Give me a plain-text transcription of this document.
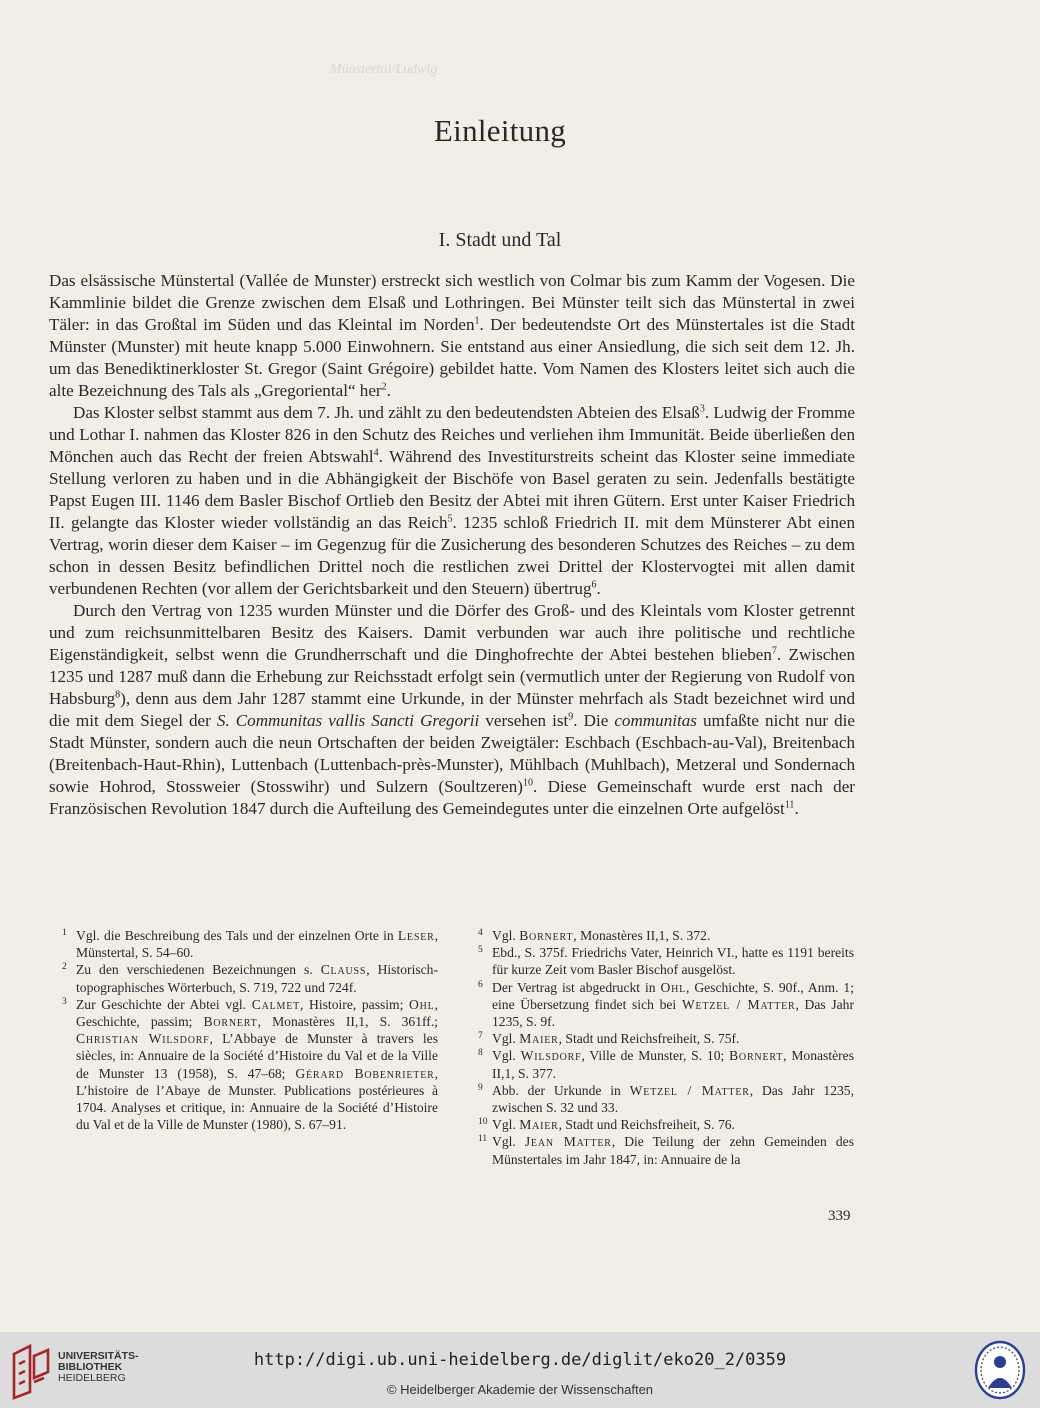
Münstertal/Ludwig
Einleitung
I. Stadt und Tal

Das elsässische Münstertal (Vallée de Munster) erstreckt sich westlich von Colmar bis zum Kamm der Vogesen. Die Kammlinie bildet die Grenze zwischen dem Elsaß und Lothringen. Bei Münster teilt sich das Münstertal in zwei Täler: in das Großtal im Süden und das Kleintal im Norden$^1$. Der bedeutendste Ort des Münstertales ist die Stadt Münster (Munster) mit heute knapp 5.000 Einwohnern. Sie entstand aus einer Ansiedlung, die sich seit dem 12. Jh. um das Benediktinerkloster St. Gregor (Saint Grégoire) gebildet hatte. Vom Namen des Klosters leitet sich auch die alte Bezeichnung des Tals als „Gregoriental“ her$^2$.

Das Kloster selbst stammt aus dem 7. Jh. und zählt zu den bedeutendsten Abteien des Elsaß$^3$. Ludwig der Fromme und Lothar I. nahmen das Kloster 826 in den Schutz des Reiches und verliehen ihm Immunität. Beide überließen den Mönchen auch das Recht der freien Abtswahl$^4$. Während des Investiturstreits scheint das Kloster seine immediate Stellung verloren zu haben und in die Abhängigkeit der Bischöfe von Basel geraten zu sein. Jedenfalls bestätigte Papst Eugen III. 1146 dem Basler Bischof Ortlieb den Besitz der Abtei mit ihren Gütern. Erst unter Kaiser Friedrich II. gelangte das Kloster wieder vollständig an das Reich$^5$. 1235 schloß Friedrich II. mit dem Münsterer Abt einen Vertrag, worin dieser dem Kaiser – im Gegenzug für die Zusicherung des besonderen Schutzes des Reiches – zu dem schon in dessen Besitz befindlichen Drittel noch die restlichen zwei Drittel der Klostervogtei mit allen damit verbundenen Rechten (vor allem der Gerichtsbarkeit und den Steuern) übertrug$^6$.

Durch den Vertrag von 1235 wurden Münster und die Dörfer des Groß- und des Kleintals vom Kloster getrennt und zum reichsunmittelbaren Besitz des Kaisers. Damit verbunden war auch ihre politische und rechtliche Eigenständigkeit, selbst wenn die Grundherrschaft und die Dinghofrechte der Abtei bestehen blieben$^7$. Zwischen 1235 und 1287 muß dann die Erhebung zur Reichsstadt erfolgt sein (vermutlich unter der Regierung von Rudolf von Habsburg$^8$), denn aus dem Jahr 1287 stammt eine Urkunde, in der Münster mehrfach als Stadt bezeichnet wird und die mit dem Siegel der S. Communitas vallis Sancti Gregorii versehen ist$^9$. Die communitas umfaßte nicht nur die Stadt Münster, sondern auch die neun Ortschaften der beiden Zweigtäler: Eschbach (Eschbach-au-Val), Breitenbach (Breitenbach-Haut-Rhin), Luttenbach (Luttenbach-près-Munster), Mühlbach (Muhlbach), Metzeral und Sondernach sowie Hohrod, Stossweier (Stosswihr) und Sulzern (Soultzeren)$^{10}$. Diese Gemeinschaft wurde erst nach der Französischen Revolution 1847 durch die Aufteilung des Gemeindegutes unter die einzelnen Orte aufgelöst$^{11}$.

1 Vgl. die Beschreibung des Tals und der einzelnen Orte in Leser, Münstertal, S. 54–60.
2 Zu den verschiedenen Bezeichnungen s. Clauss, Historisch-topographisches Wörterbuch, S. 719, 722 und 724f.
3 Zur Geschichte der Abtei vgl. Calmet, Histoire, passim; Ohl, Geschichte, passim; Bornert, Monastères II,1, S. 361ff.; Christian Wilsdorf, L’Abbaye de Munster à travers les siècles, in: Annuaire de la Société d’Histoire du Val et de la Ville de Munster 13 (1958), S. 47–68; Gérard Bobenrieter, L’histoire de l’Abaye de Munster. Publications postérieures à 1704. Analyses et critique, in: Annuaire de la Société d’Histoire du Val et de la Ville de Munster (1980), S. 67–91.
4 Vgl. Bornert, Monastères II,1, S. 372.
5 Ebd., S. 375f. Friedrichs Vater, Heinrich VI., hatte es 1191 bereits für kurze Zeit vom Basler Bischof ausgelöst.
6 Der Vertrag ist abgedruckt in Ohl, Geschichte, S. 90f., Anm. 1; eine Übersetzung findet sich bei Wetzel / Matter, Das Jahr 1235, S. 9f.
7 Vgl. Maier, Stadt und Reichsfreiheit, S. 75f.
8 Vgl. Wilsdorf, Ville de Munster, S. 10; Bornert, Monastères II,1, S. 377.
9 Abb. der Urkunde in Wetzel / Matter, Das Jahr 1235, zwischen S. 32 und 33.
10 Vgl. Maier, Stadt und Reichsfreiheit, S. 76.
11 Vgl. Jean Matter, Die Teilung der zehn Gemeinden des Münstertales im Jahr 1847, in: Annuaire de la
339
UNIVERSITÄTS-
BIBLIOTHEK
HEIDELBERG
http://digi.ub.uni-heidelberg.de/diglit/eko20_2/0359
© Heidelberger Akademie der Wissenschaften
